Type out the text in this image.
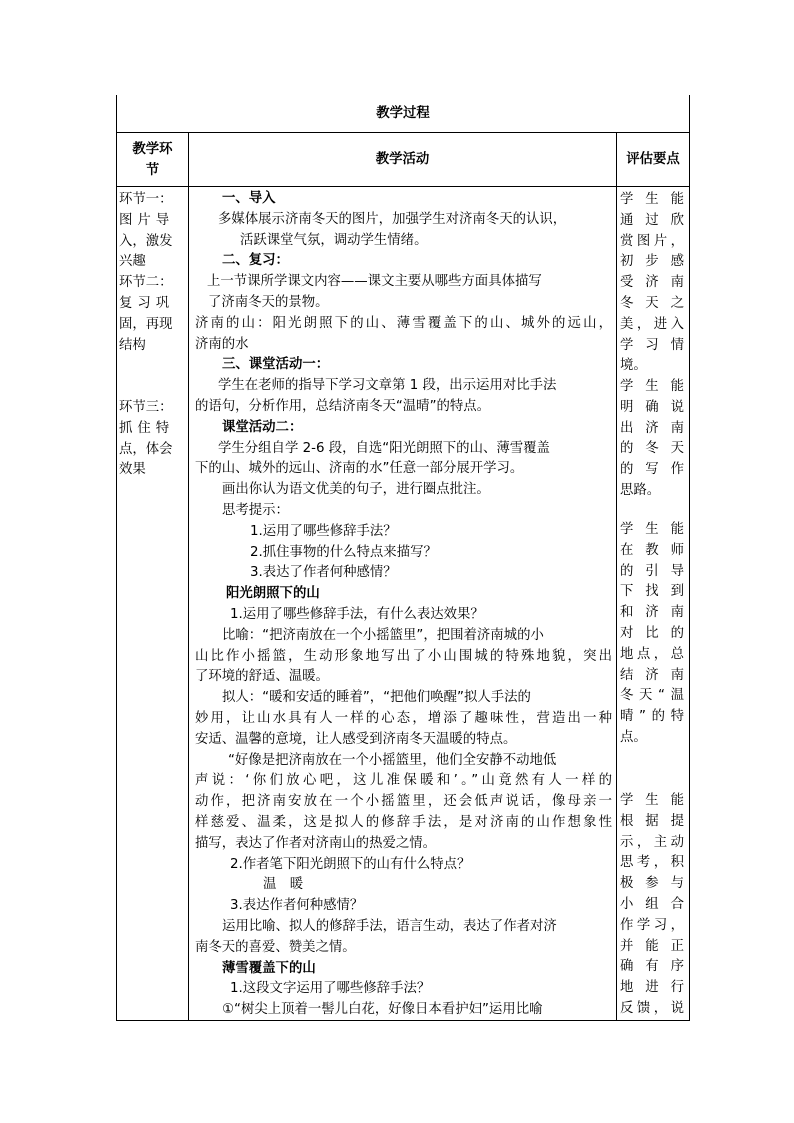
教学过程
教学环
节
教学活动	评估要点
环节一：
图片导
入，激发
兴趣
环节二：
复习巩
固，再现
结构
环节三：
抓住特
点，体会
效果
学生能
通过欣
赏图片，
初步感
受济南
冬天之
美，进入
学习情
境。
学生能
明确说
出济南
的冬天
的写作
思路。
学生能
在教师
的引导
下找到
和济南
对比的
地点，总
结济南
冬天“温
晴”的特
点。
学生能
根据提
示，主动
思考，积
极参与
小组合
作学习，
并能正
确有序
地进行
反馈，说
一、导入
多媒体展示济南冬天的图片，加强学生对济南冬天的认识，
活跃课堂气氛，调动学生情绪。
二、复习：
上一节课所学课文内容——课文主要从哪些方面具体描写
了济南冬天的景物。
济南的山：阳光朗照下的山、薄雪覆盖下的山、城外的远山，
济南的水
三、课堂活动一：
学生在老师的指导下学习文章第 1 段，出示运用对比手法
的语句，分析作用，总结济南冬天“温晴”的特点。
课堂活动二：
学生分组自学 2-6 段，自选“阳光朗照下的山、薄雪覆盖
下的山、城外的远山、济南的水”任意一部分展开学习。
画出你认为语文优美的句子，进行圈点批注。
思考提示：
1.运用了哪些修辞手法？
2.抓住事物的什么特点来描写？
3.表达了作者何种感情？
阳光朗照下的山
1.运用了哪些修辞手法，有什么表达效果？
比喻：“把济南放在一个小摇篮里”，把围着济南城的小
山比作小摇篮，生动形象地写出了小山围城的特殊地貌，突出
了环境的舒适、温暖。
拟人：“暖和安适的睡着”，“把他们唤醒”拟人手法的
妙用，让山水具有人一样的心态，增添了趣味性，营造出一种
安适、温馨的意境，让人感受到济南冬天温暖的特点。
“好像是把济南放在一个小摇篮里，他们全安静不动地低
声说：‘你们放心吧，这儿准保暖和’。”山竟然有人一样的
动作，把济南安放在一个小摇篮里，还会低声说话，像母亲一
样慈爱、温柔，这是拟人的修辞手法，是对济南的山作想象性
描写，表达了作者对济南山的热爱之情。
2.作者笔下阳光朗照下的山有什么特点？
温　暖
3.表达作者何种感情？
运用比喻、拟人的修辞手法，语言生动，表达了作者对济
南冬天的喜爱、赞美之情。
薄雪覆盖下的山
1.这段文字运用了哪些修辞手法？
①“树尖上顶着一髻儿白花，好像日本看护妇”运用比喻
